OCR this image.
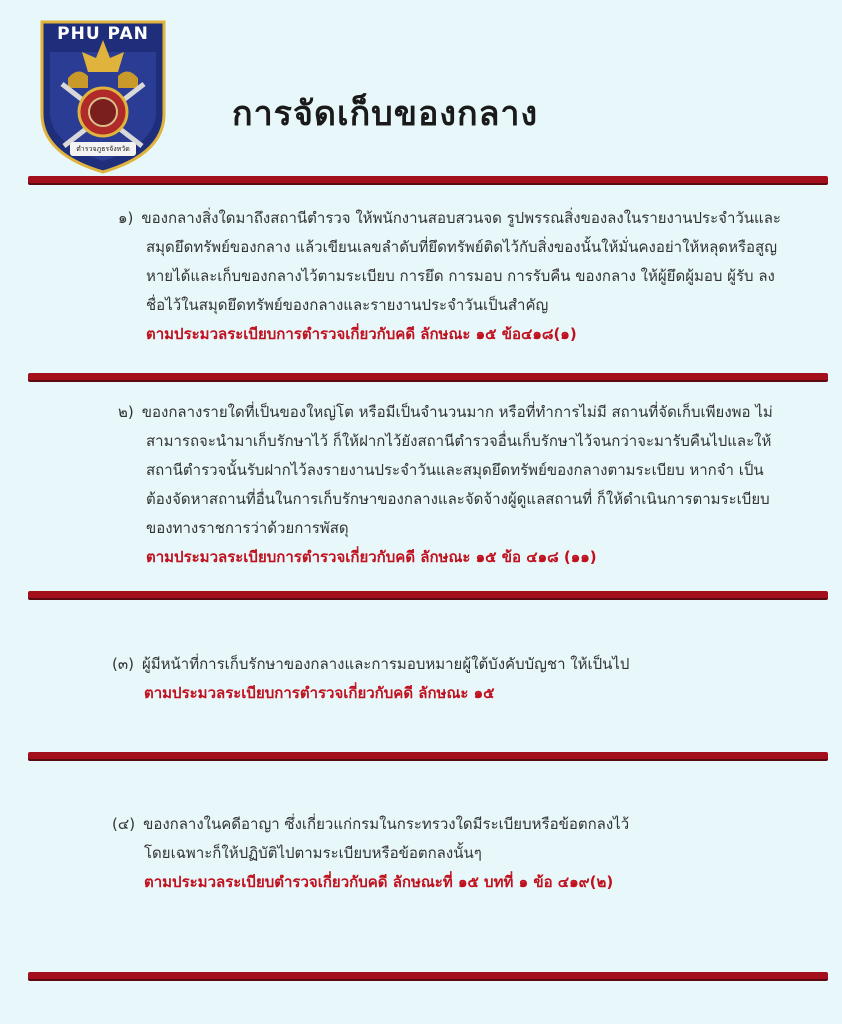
PHU PAN
ตำรวจภูธรจังหวัด
การจัดเก็บของกลาง

๑) ของกลางสิ่งใดมาถึงสถานีตำรวจ ให้พนักงานสอบสวนจด รูปพรรณสิ่งของลงในรายงานประจำวันและ

สมุดยึดทรัพย์ของกลาง แล้วเขียนเลขลำดับที่ยึดทรัพย์ติดไว้กับสิ่งของนั้นให้มั่นคงอย่าให้หลุดหรือสูญ

หายได้และเก็บของกลางไว้ตามระเบียบ การยึด การมอบ การรับคืน ของกลาง ให้ผู้ยึดผู้มอบ ผู้รับ ลง

ชื่อไว้ในสมุดยึดทรัพย์ของกลางและรายงานประจำวันเป็นสำคัญ

ตามประมวลระเบียบการตำรวจเกี่ยวกับคดี ลักษณะ ๑๕ ข้อ๔๑๘(๑)

๒) ของกลางรายใดที่เป็นของใหญ่โต หรือมีเป็นจำนวนมาก หรือที่ทำการไม่มี สถานที่จัดเก็บเพียงพอ ไม่

สามารถจะนำมาเก็บรักษาไว้ ก็ให้ฝากไว้ยังสถานีตำรวจอื่นเก็บรักษาไว้จนกว่าจะมารับคืนไปและให้

สถานีตำรวจนั้นรับฝากไว้ลงรายงานประจำวันและสมุดยึดทรัพย์ของกลางตามระเบียบ หากจำ เป็น

ต้องจัดหาสถานที่อื่นในการเก็บรักษาของกลางและจัดจ้างผู้ดูแลสถานที่ ก็ให้ดำเนินการตามระเบียบ

ของทางราชการว่าด้วยการพัสดุ

ตามประมวลระเบียบการตำรวจเกี่ยวกับคดี ลักษณะ ๑๕ ข้อ ๔๑๘ (๑๑)

(๓) ผู้มีหน้าที่การเก็บรักษาของกลางและการมอบหมายผู้ใต้บังคับบัญชา ให้เป็นไป

ตามประมวลระเบียบการตำรวจเกี่ยวกับคดี ลักษณะ ๑๕

(๔) ของกลางในคดีอาญา ซึ่งเกี่ยวแก่กรมในกระทรวงใดมีระเบียบหรือข้อตกลงไว้

โดยเฉพาะก็ให้ปฏิบัติไปตามระเบียบหรือข้อตกลงนั้นๆ

ตามประมวลระเบียบตำรวจเกี่ยวกับคดี ลักษณะที่ ๑๕ บทที่ ๑ ข้อ ๔๑๙(๒)
